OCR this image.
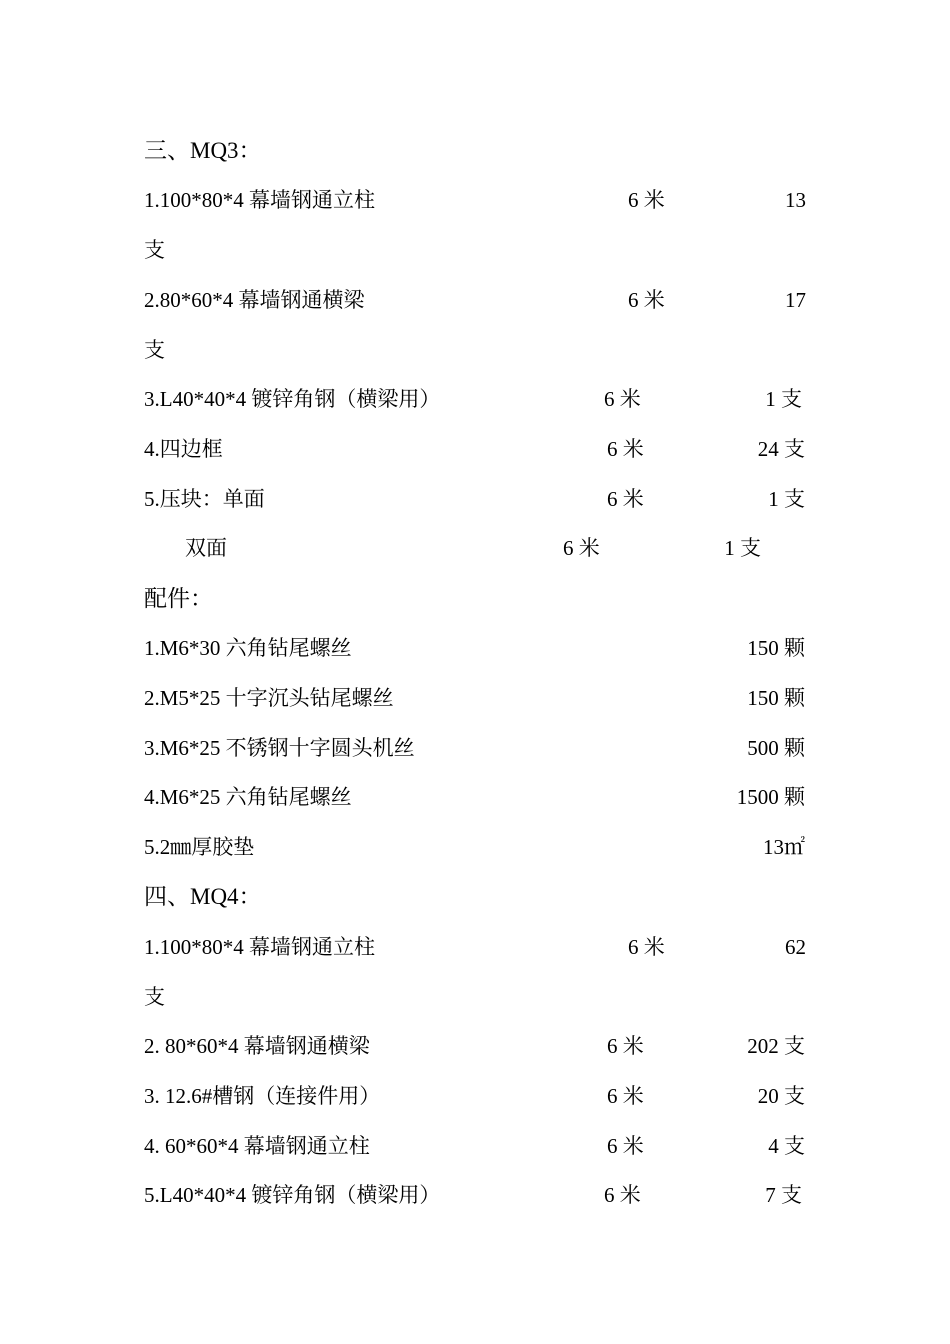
三、MQ3：
1.100*80*4 幕墙钢通立柱	6 米	13
支
2.80*60*4 幕墙钢通横梁	6 米	17
支
3.L40*40*4 镀锌角钢（横梁用）	6 米	1 支
4.四边框	6 米	24 支
5.压块：单面	6 米	1 支
双面	6 米	1 支
配件：
1.M6*30 六角钻尾螺丝	150 颗
2.M5*25 十字沉头钻尾螺丝	150 颗
3.M6*25 不锈钢十字圆头机丝	500 颗
4.M6*25 六角钻尾螺丝	1500 颗
5.2㎜厚胶垫	13㎡
四、MQ4：
1.100*80*4 幕墙钢通立柱	6 米	62
支
2. 80*60*4 幕墙钢通横梁	6 米	202 支
3. 12.6#槽钢（连接件用）	6 米	20 支
4. 60*60*4 幕墙钢通立柱	6 米	4 支
5.L40*40*4 镀锌角钢（横梁用）	6 米	7 支
